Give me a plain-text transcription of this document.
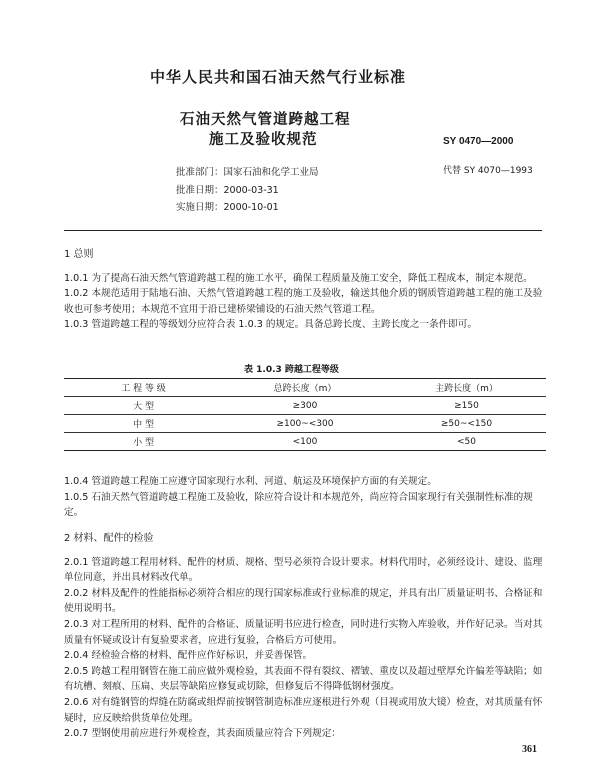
中华人民共和国石油天然气行业标准
石油天然气管道跨越工程
施工及验收规范	SY 0470—2000
代替 SY 4070—1993
批准部门：国家石油和化学工业局
批准日期：2000-03-31
实施日期：2000-10-01

1 总则

1.0.1 为了提高石油天然气管道跨越工程的施工水平，确保工程质量及施工安全，降低工程成本，制定本规范。

1.0.2 本规范适用于陆地石油、天然气管道跨越工程的施工及验收，输送其他介质的钢质管道跨越工程的施工及验收也可参考使用；本规范不宜用于沿已建桥梁铺设的石油天然气管道工程。

1.0.3 管道跨越工程的等级划分应符合表 1.0.3 的规定。具备总跨长度、主跨长度之一条件即可。

表 1.0.3 跨越工程等级
工 程 等 级	总跨长度（m）	主跨长度（m）
大 型	≥300	≥150
中 型	≥100~<300	≥50~<150
小 型	<100	<50

1.0.4 管道跨越工程施工应遵守国家现行水利、河道、航运及环境保护方面的有关规定。

1.0.5 石油天然气管道跨越工程施工及验收，除应符合设计和本规范外，尚应符合国家现行有关强制性标准的规定。

2 材料、配件的检验

2.0.1 管道跨越工程用材料、配件的材质、规格、型号必须符合设计要求。材料代用时，必须经设计、建设、监理单位同意，并出具材料改代单。

2.0.2 材料及配件的性能指标必须符合相应的现行国家标准或行业标准的规定，并具有出厂质量证明书、合格证和使用说明书。

2.0.3 对工程所用的材料、配件的合格证、质量证明书应进行检查，同时进行实物入库验收，并作好记录。当对其质量有怀疑或设计有复验要求者，应进行复验，合格后方可使用。

2.0.4 经检验合格的材料、配件应作好标识，并妥善保管。

2.0.5 跨越工程用钢管在施工前应做外观检验，其表面不得有裂纹、褶皱、重皮以及超过壁厚允许偏差等缺陷；如有坑槽、刻痕、压扁、夹层等缺陷应修复或切除，但修复后不得降低钢材强度。

2.0.6 对有缝钢管的焊缝在防腐或组焊前按钢管制造标准应逐根进行外观（目视或用放大镜）检查，对其质量有怀疑时，应反映给供货单位处理。

2.0.7 型钢使用前应进行外观检查，其表面质量应符合下列规定：

361
